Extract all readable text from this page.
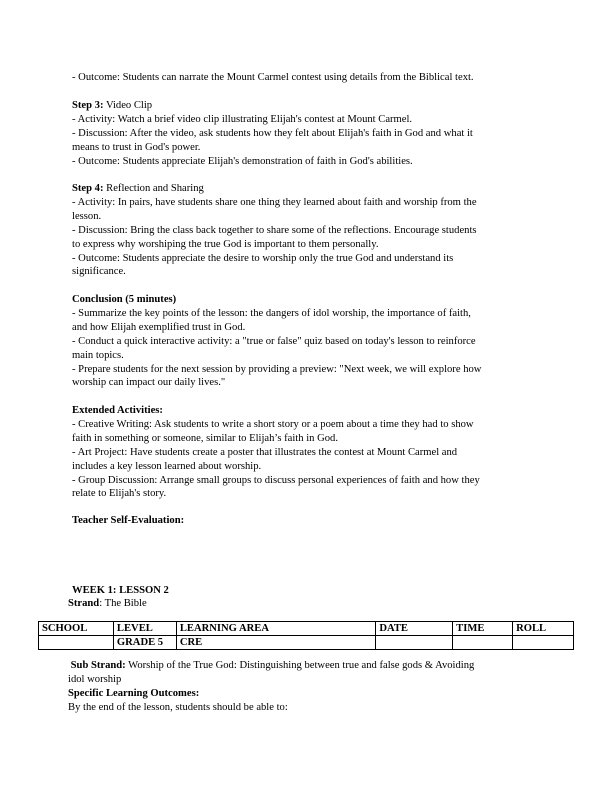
- Outcome: Students can narrate the Mount Carmel contest using details from the Biblical text.

Step 3: Video Clip

- Activity: Watch a brief video clip illustrating Elijah's contest at Mount Carmel.

- Discussion: After the video, ask students how they felt about Elijah's faith in God and what it

means to trust in God's power.

- Outcome: Students appreciate Elijah's demonstration of faith in God's abilities.

Step 4: Reflection and Sharing

- Activity: In pairs, have students share one thing they learned about faith and worship from the

lesson.

- Discussion: Bring the class back together to share some of the reflections. Encourage students

to express why worshiping the true God is important to them personally.

- Outcome: Students appreciate the desire to worship only the true God and understand its

significance.

Conclusion (5 minutes)

- Summarize the key points of the lesson: the dangers of idol worship, the importance of faith,

and how Elijah exemplified trust in God.

- Conduct a quick interactive activity: a "true or false" quiz based on today's lesson to reinforce

main topics.

- Prepare students for the next session by providing a preview: "Next week, we will explore how

worship can impact our daily lives."

Extended Activities:

- Creative Writing: Ask students to write a short story or a poem about a time they had to show

faith in something or someone, similar to Elijah’s faith in God.

- Art Project: Have students create a poster that illustrates the contest at Mount Carmel and

includes a key lesson learned about worship.

- Group Discussion: Arrange small groups to discuss personal experiences of faith and how they

relate to Elijah's story.

Teacher Self-Evaluation:

WEEK 1: LESSON 2

Strand: The Bible

SCHOOL	LEVEL	LEARNING AREA	DATE	TIME	ROLL
	GRADE 5	CRE			

Sub Strand: Worship of the True God: Distinguishing between true and false gods & Avoiding

idol worship

Specific Learning Outcomes:

By the end of the lesson, students should be able to:
